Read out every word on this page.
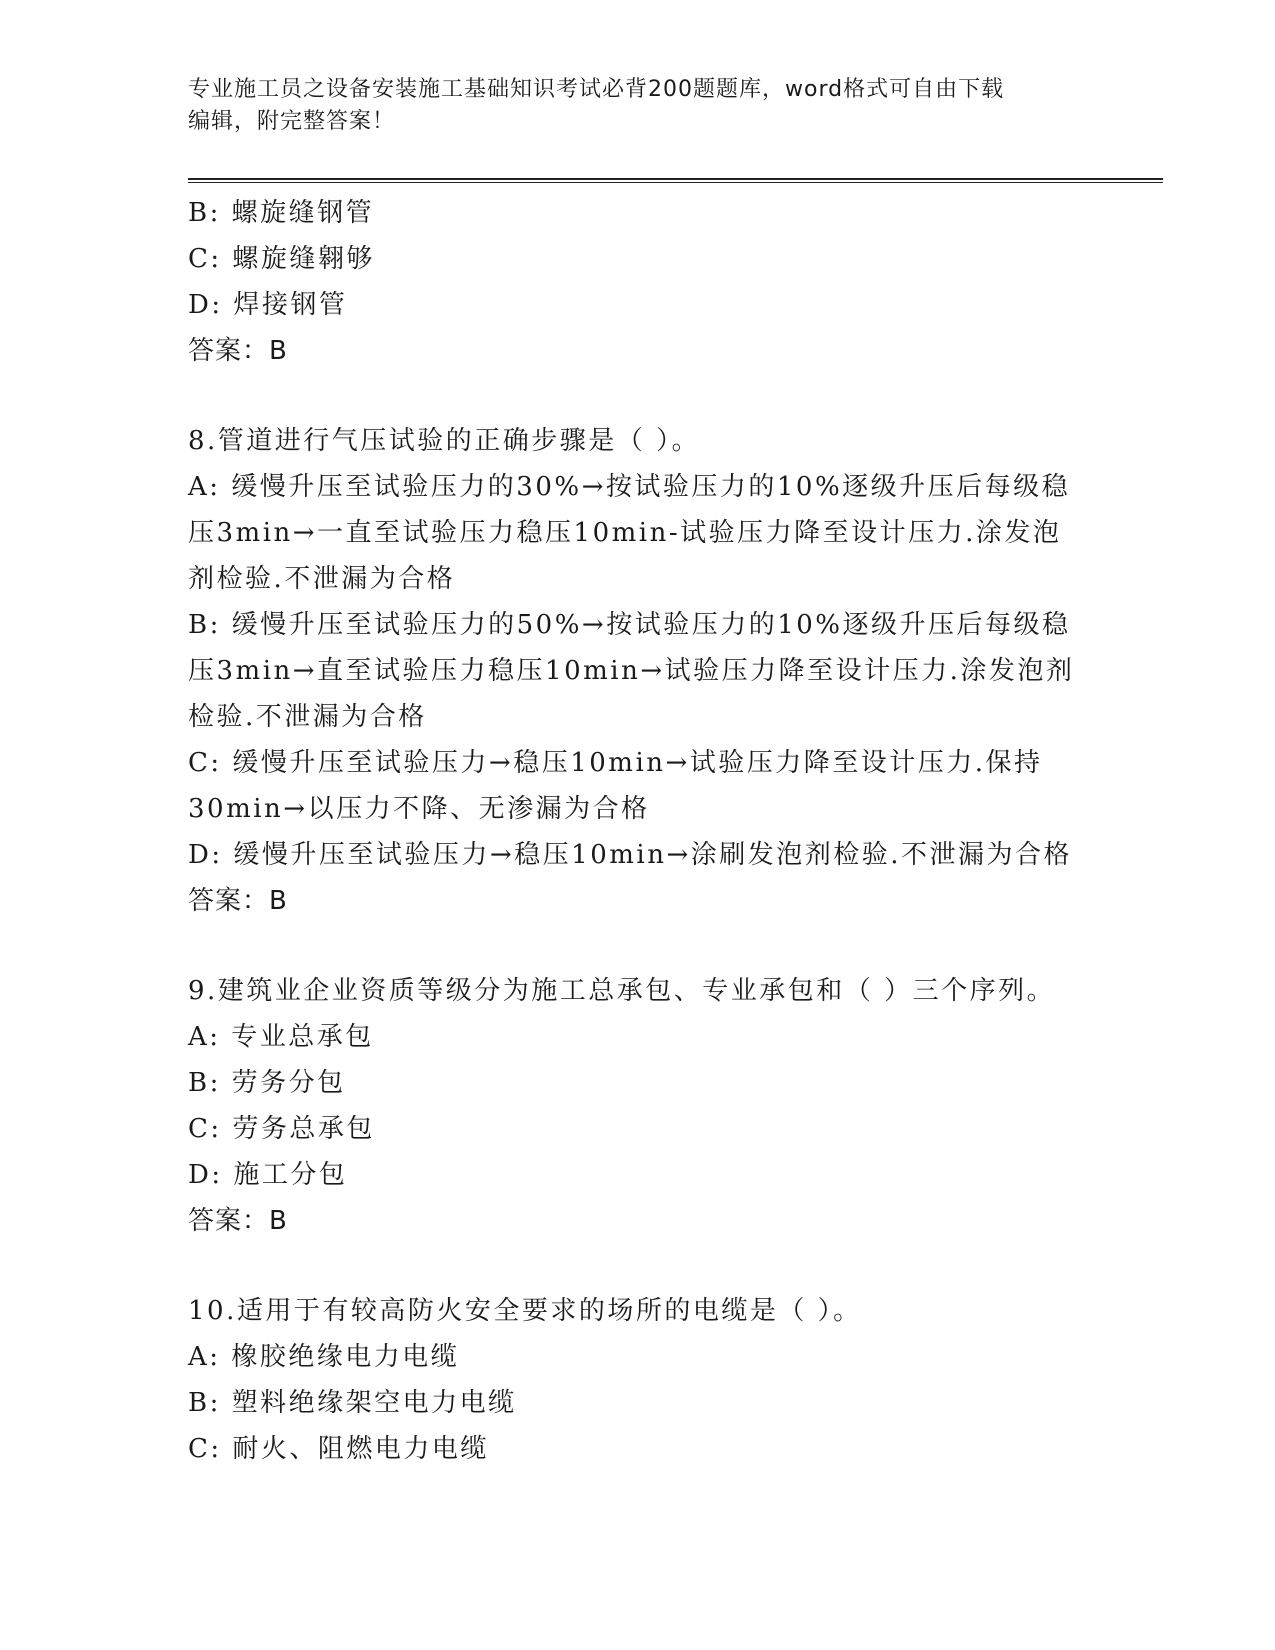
专业施工员之设备安装施工基础知识考试必背200题题库，word格式可自由下载
编辑，附完整答案！
B: 螺旋缝钢管
C: 螺旋缝翱够
D: 焊接钢管
答案：B
8.管道进行气压试验的正确步骤是（ ）。
A: 缓慢升压至试验压力的30%→按试验压力的10%逐级升压后每级稳
压3min→一直至试验压力稳压10min-试验压力降至设计压力.涂发泡
剂检验.不泄漏为合格
B: 缓慢升压至试验压力的50%→按试验压力的10%逐级升压后每级稳
压3min→直至试验压力稳压10min→试验压力降至设计压力.涂发泡剂
检验.不泄漏为合格
C: 缓慢升压至试验压力→稳压10min→试验压力降至设计压力.保持
30min→以压力不降、无渗漏为合格
D: 缓慢升压至试验压力→稳压10min→涂刷发泡剂检验.不泄漏为合格
答案：B
9.建筑业企业资质等级分为施工总承包、专业承包和（ ）三个序列。
A: 专业总承包
B: 劳务分包
C: 劳务总承包
D: 施工分包
答案：B
10.适用于有较高防火安全要求的场所的电缆是（ ）。
A: 橡胶绝缘电力电缆
B: 塑料绝缘架空电力电缆
C: 耐火、阻燃电力电缆
